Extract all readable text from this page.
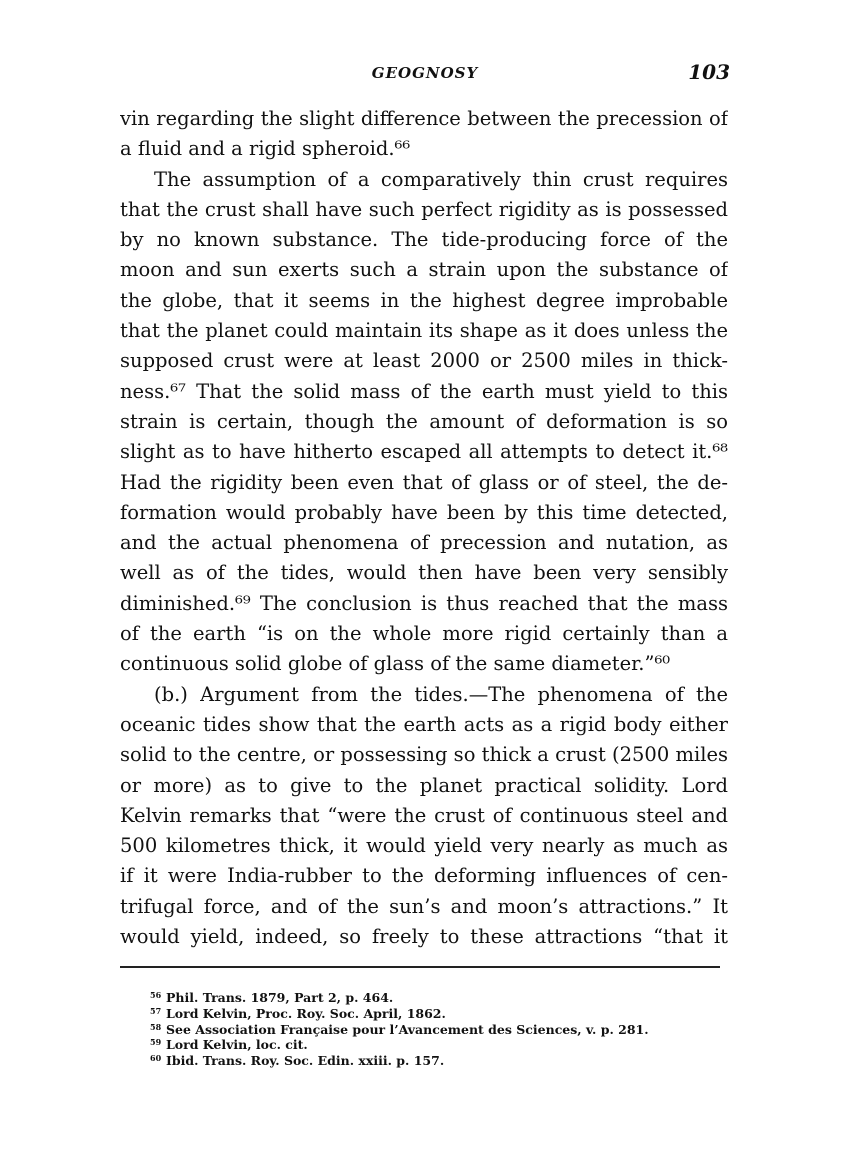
GEOGNOSY	103
vin regarding the slight difference between the precession of
a fluid and a rigid spheroid.⁶⁶
The assumption of a comparatively thin crust requires
that the crust shall have such perfect rigidity as is possessed
by no known substance. The tide-producing force of the
moon and sun exerts such a strain upon the substance of
the globe, that it seems in the highest degree improbable
that the planet could maintain its shape as it does unless the
supposed crust were at least 2000 or 2500 miles in thick-
ness.⁶⁷ That the solid mass of the earth must yield to this
strain is certain, though the amount of deformation is so
slight as to have hitherto escaped all attempts to detect it.⁶⁸
Had the rigidity been even that of glass or of steel, the de-
formation would probably have been by this time detected,
and the actual phenomena of precession and nutation, as
well as of the tides, would then have been very sensibly
diminished.⁶⁹ The conclusion is thus reached that the mass
of the earth “is on the whole more rigid certainly than a
continuous solid globe of glass of the same diameter.”⁶⁰
(b.) Argument from the tides.—The phenomena of the
oceanic tides show that the earth acts as a rigid body either
solid to the centre, or possessing so thick a crust (2500 miles
or more) as to give to the planet practical solidity. Lord
Kelvin remarks that “were the crust of continuous steel and
500 kilometres thick, it would yield very nearly as much as
if it were India-rubber to the deforming influences of cen-
trifugal force, and of the sun’s and moon’s attractions.” It
would yield, indeed, so freely to these attractions “that it
56 Phil. Trans. 1879, Part 2, p. 464.
57 Lord Kelvin, Proc. Roy. Soc. April, 1862.
58 See Association Française pour l’Avancement des Sciences, v. p. 281.
59 Lord Kelvin, loc. cit.
60 Ibid. Trans. Roy. Soc. Edin. xxiii. p. 157.
